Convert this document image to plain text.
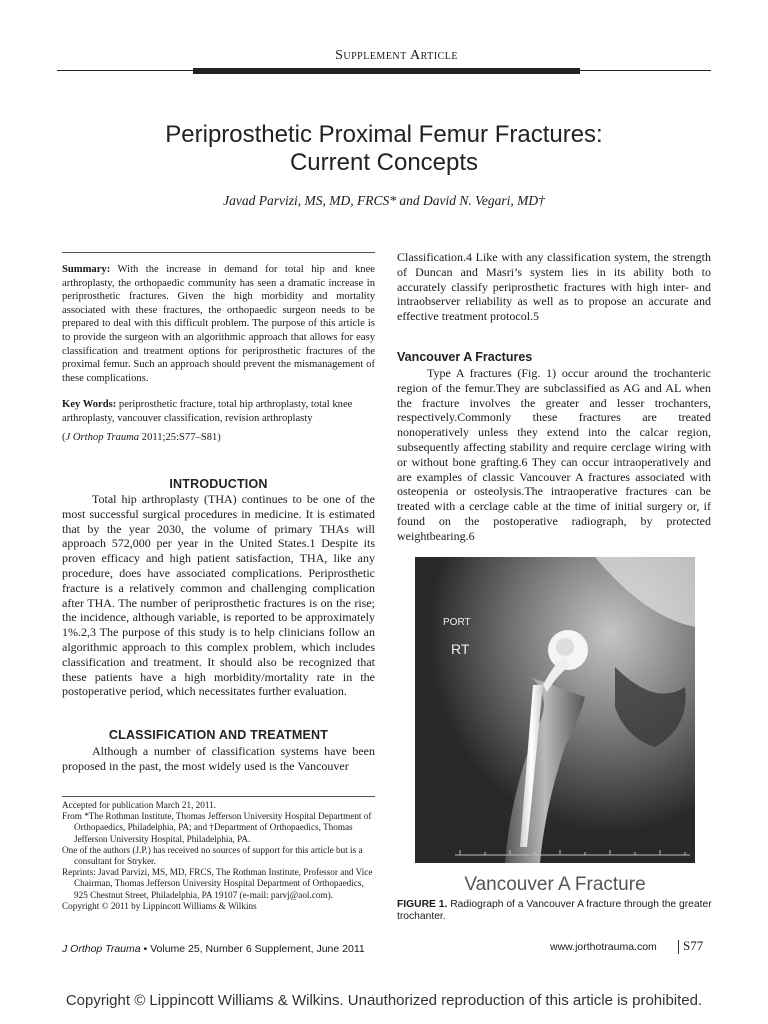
Supplement Article
Periprosthetic Proximal Femur Fractures:
Current Concepts
Javad Parvizi, MS, MD, FRCS* and David N. Vegari, MD†
Summary: With the increase in demand for total hip and knee arthroplasty, the orthopaedic community has seen a dramatic increase in periprosthetic fractures. Given the high morbidity and mortality associated with these fractures, the orthopaedic surgeon needs to be prepared to deal with this difficult problem. The purpose of this article is to provide the surgeon with an algorithmic approach that allows for easy classification and treatment options for periprosthetic fractures of the proximal femur. Such an approach should prevent the mismanagement of these complications.
Key Words: periprosthetic fracture, total hip arthroplasty, total knee arthroplasty, vancouver classification, revision arthroplasty
(J Orthop Trauma 2011;25:S77–S81)
INTRODUCTION
Total hip arthroplasty (THA) continues to be one of the most successful surgical procedures in medicine. It is estimated that by the year 2030, the volume of primary THAs will approach 572,000 per year in the United States.1 Despite its proven efficacy and high patient satisfaction, THA, like any procedure, does have associated complications. Periprosthetic fracture is a relatively common and challenging complication after THA. The number of periprosthetic fractures is on the rise; the incidence, although variable, is reported to be approximately 1%.2,3 The purpose of this study is to help clinicians follow an algorithmic approach to this complex problem, which includes classification and treatment. It should also be recognized that these patients have a high morbidity/mortality rate in the postoperative period, which necessitates further evaluation.
CLASSIFICATION AND TREATMENT
Although a number of classification systems have been proposed in the past, the most widely used is the Vancouver

Accepted for publication March 21, 2011.

From *The Rothman Institute, Thomas Jefferson University Hospital Department of Orthopaedics, Philadelphia, PA; and †Department of Orthopaedics, Thomas Jefferson University Hospital, Philadelphia, PA.

One of the authors (J.P.) has received no sources of support for this article but is a consultant for Stryker.

Reprints: Javad Parvizi, MS, MD, FRCS, The Rothman Institute, Professor and Vice Chairman, Thomas Jefferson University Hospital Department of Orthopaedics, 925 Chestnut Street, Philadelphia, PA 19107 (e-mail: parvj@aol.com).

Copyright © 2011 by Lippincott Williams & Wilkins

Classification.4 Like with any classification system, the strength of Duncan and Masri’s system lies in its ability both to accurately classify periprosthetic fractures with high inter- and intraobserver reliability as well as to propose an accurate and effective treatment protocol.5
Vancouver A Fractures
Type A fractures (Fig. 1) occur around the trochanteric region of the femur.They are subclassified as AG and AL when the fracture involves the greater and lesser trochanters, respectively.Commonly these fractures are treated nonoperatively unless they extend into the calcar region, subsequently affecting stability and require cerclage wiring with or without bone grafting.6 They can occur intraoperatively and are examples of classic Vancouver A fractures associated with osteopenia or osteolysis.The intraoperative fractures can be treated with a cerclage cable at the time of initial surgery or, if found on the postoperative radiograph, by protected weightbearing.6
PORT
RT
Vancouver A Fracture
FIGURE 1. Radiograph of a Vancouver A fracture through the greater trochanter.
J Orthop Trauma • Volume 25, Number 6 Supplement, June 2011	www.jorthotrauma.com S77
Copyright © Lippincott Williams & Wilkins. Unauthorized reproduction of this article is prohibited.
